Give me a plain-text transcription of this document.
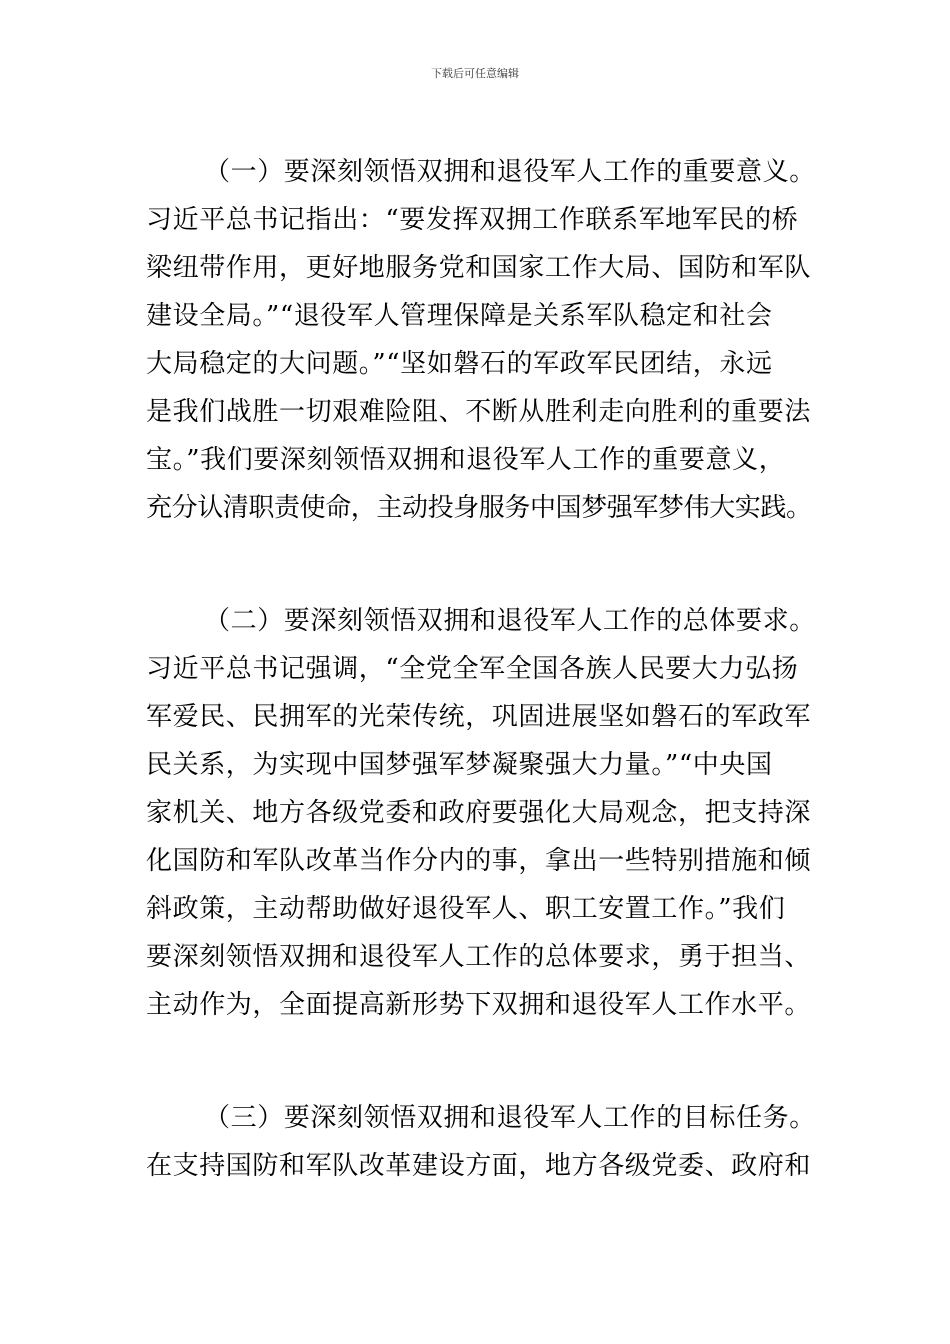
下载后可任意编辑
（一）要深刻领悟双拥和退役军人工作的重要意义。
习近平总书记指出：“要发挥双拥工作联系军地军民的桥
梁纽带作用，更好地服务党和国家工作大局、国防和军队
建设全局。”“退役军人管理保障是关系军队稳定和社会
大局稳定的大问题。”“坚如磐石的军政军民团结，永远
是我们战胜一切艰难险阻、不断从胜利走向胜利的重要法
宝。”我们要深刻领悟双拥和退役军人工作的重要意义，
充分认清职责使命，主动投身服务中国梦强军梦伟大实践。
（二）要深刻领悟双拥和退役军人工作的总体要求。
习近平总书记强调，“全党全军全国各族人民要大力弘扬
军爱民、民拥军的光荣传统，巩固进展坚如磐石的军政军
民关系，为实现中国梦强军梦凝聚强大力量。”“中央国
家机关、地方各级党委和政府要强化大局观念，把支持深
化国防和军队改革当作分内的事，拿出一些特别措施和倾
斜政策，主动帮助做好退役军人、职工安置工作。”我们
要深刻领悟双拥和退役军人工作的总体要求，勇于担当、
主动作为，全面提高新形势下双拥和退役军人工作水平。
（三）要深刻领悟双拥和退役军人工作的目标任务。
在支持国防和军队改革建设方面，地方各级党委、政府和
